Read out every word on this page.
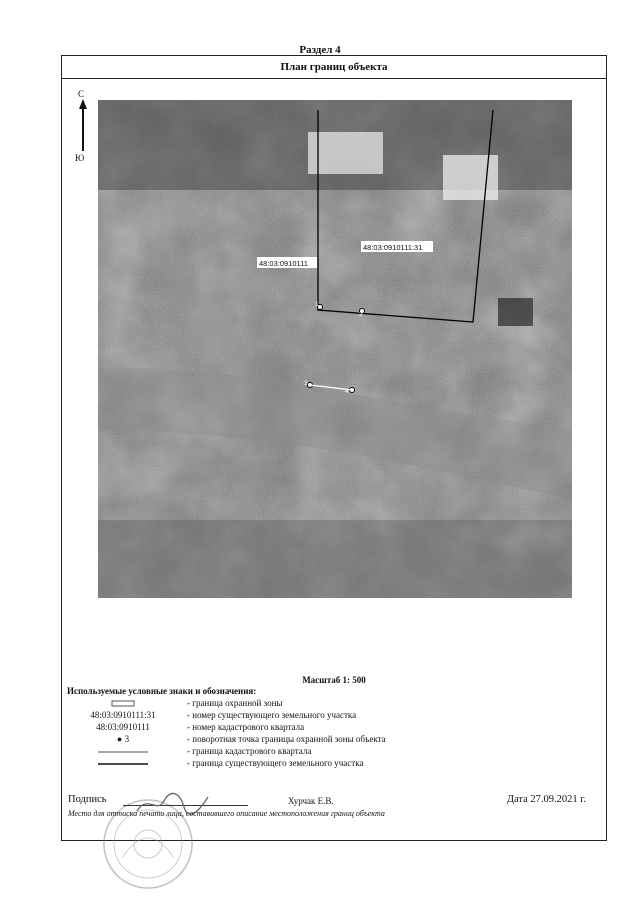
Раздел 4
План границ объекта
С
Ю
48:03:0910111:31
48:03:0910111
1
2
3
4
Масштаб 1: 500
Используемые условные знаки и обозначения:
- граница охранной зоны
48:03:0910111:31	- номер существующего земельного участка
48:03:0910111	- номер кадастрового квартала
● 3	- поворотная точка границы охранной зоны объекта
- граница кадастрового квартала
- граница существующего земельного участка
Подпись	Хурчак Е.В.	Дата 27.09.2021 г.
Место для оттиска печати лица, составившего описание местоположения границ объекта
